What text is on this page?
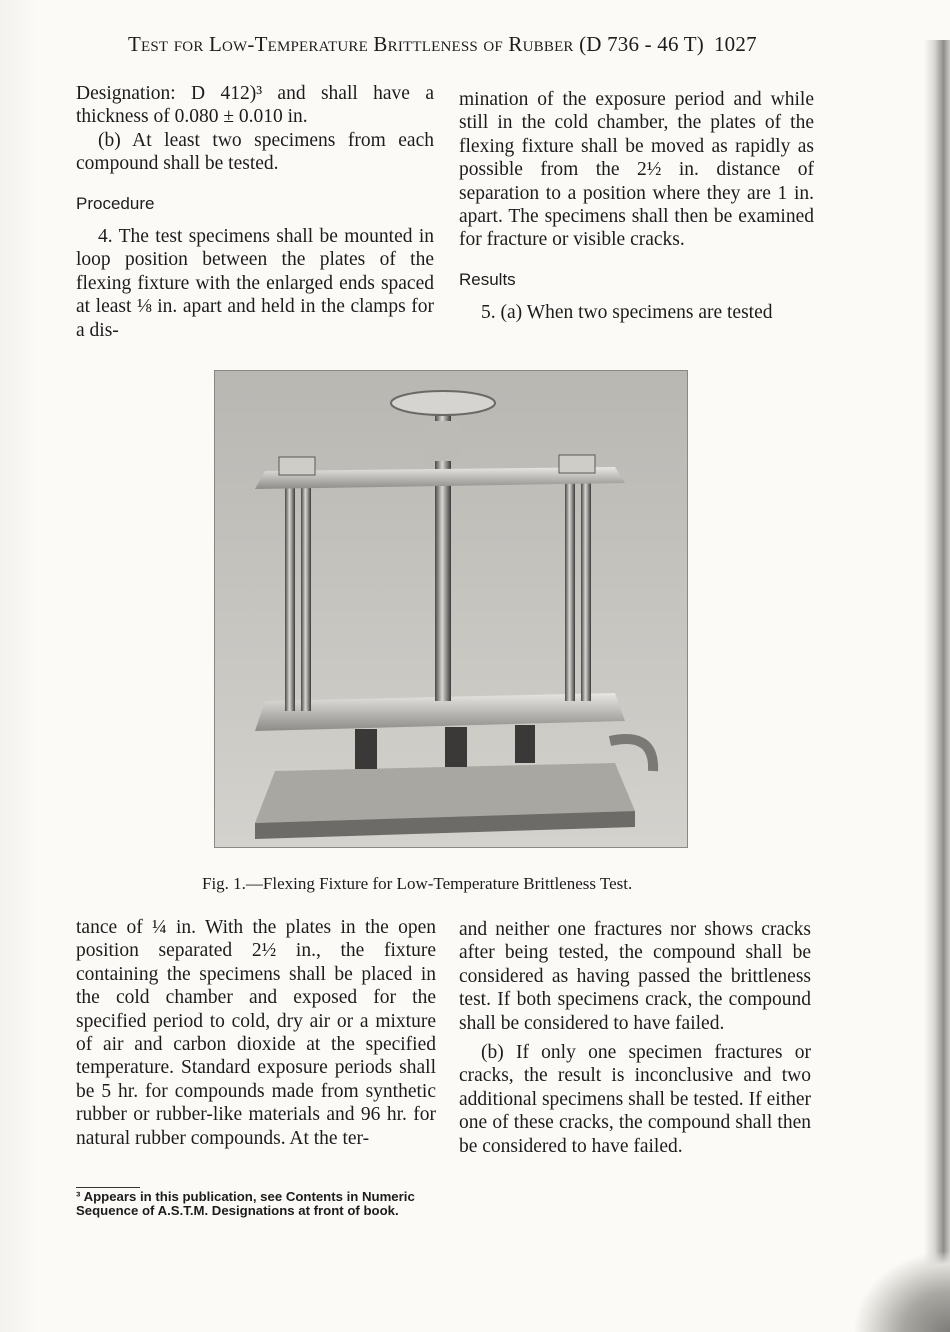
Test for Low-Temperature Brittleness of Rubber (D 736 - 46 T) 1027

Designation: D 412)³ and shall have a thickness of 0.080 ± 0.010 in.

(b) At least two specimens from each compound shall be tested.

Procedure

4. The test specimens shall be mounted in loop position between the plates of the flexing fixture with the enlarged ends spaced at least ⅛ in. apart and held in the clamps for a dis-

mination of the exposure period and while still in the cold chamber, the plates of the flexing fixture shall be moved as rapidly as possible from the 2½ in. distance of separation to a position where they are 1 in. apart. The specimens shall then be examined for fracture or visible cracks.

Results

5. (a) When two specimens are tested

Fig. 1.—Flexing Fixture for Low-Temperature Brittleness Test.

tance of ¼ in. With the plates in the open position separated 2½ in., the fixture containing the specimens shall be placed in the cold chamber and exposed for the specified period to cold, dry air or a mixture of air and carbon dioxide at the specified temperature. Standard exposure periods shall be 5 hr. for compounds made from synthetic rubber or rubber-like materials and 96 hr. for natural rubber compounds. At the ter-

and neither one fractures nor shows cracks after being tested, the compound shall be considered as having passed the brittleness test. If both specimens crack, the compound shall be considered to have failed.

(b) If only one specimen fractures or cracks, the result is inconclusive and two additional specimens shall be tested. If either one of these cracks, the compound shall then be considered to have failed.

³ Appears in this publication, see Contents in Numeric Sequence of A.S.T.M. Designations at front of book.
